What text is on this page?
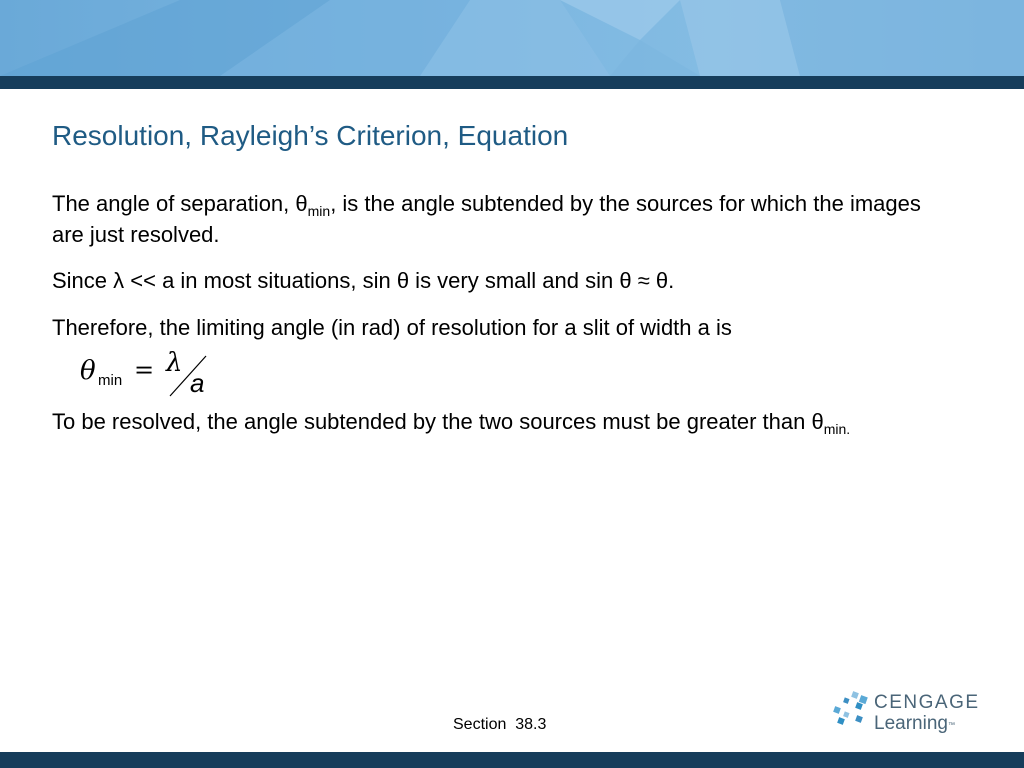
Resolution, Rayleigh’s Criterion, Equation
The angle of separation, $\theta_{min}$, is the angle subtended by the sources for which the images are just resolved.
Since λ << a in most situations, sin θ is very small and sin θ ≈ θ.
Therefore, the limiting angle (in rad) of resolution for a slit of width a is
θ min = λ
a
To be resolved, the angle subtended by the two sources must be greater than $\theta_{min.}$
Section  38.3
CENGAGE
Learning™
